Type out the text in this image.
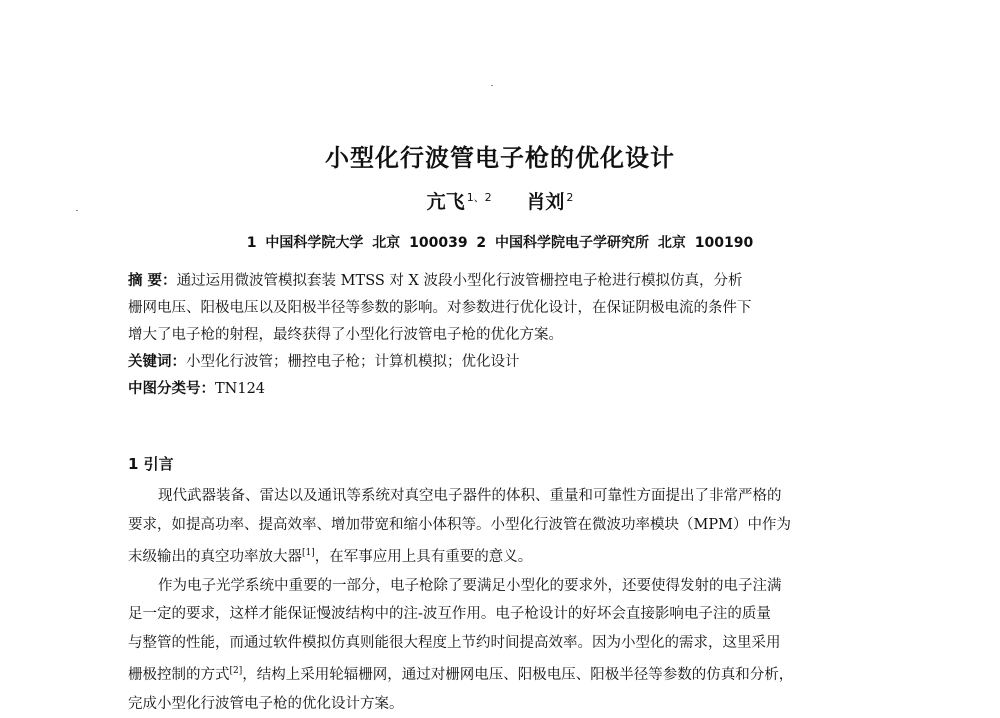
小型化行波管电子枪的优化设计
亢飞 $^{1、2}$ 肖刘 $^2$
1 中国科学院大学 北京 100039 2 中国科学院电子学研究所 北京 100190
摘 要：通过运用微波管模拟套装 MTSS 对 X 波段小型化行波管栅控电子枪进行模拟仿真，分析
栅网电压、阳极电压以及阳极半径等参数的影响。对参数进行优化设计，在保证阴极电流的条件下
增大了电子枪的射程，最终获得了小型化行波管电子枪的优化方案。
关键词：小型化行波管；栅控电子枪；计算机模拟；优化设计
中图分类号：TN124
1 引言
现代武器装备、雷达以及通讯等系统对真空电子器件的体积、重量和可靠性方面提出了非常严格的
要求，如提高功率、提高效率、增加带宽和缩小体积等。小型化行波管在微波功率模块（MPM）中作为
末级输出的真空功率放大器[1]，在军事应用上具有重要的意义。
作为电子光学系统中重要的一部分，电子枪除了要满足小型化的要求外，还要使得发射的电子注满
足一定的要求，这样才能保证慢波结构中的注-波互作用。电子枪设计的好坏会直接影响电子注的质量
与整管的性能，而通过软件模拟仿真则能很大程度上节约时间提高效率。因为小型化的需求，这里采用
栅极控制的方式[2]，结构上采用轮辐栅网，通过对栅网电压、阳极电压、阳极半径等参数的仿真和分析，
完成小型化行波管电子枪的优化设计方案。
